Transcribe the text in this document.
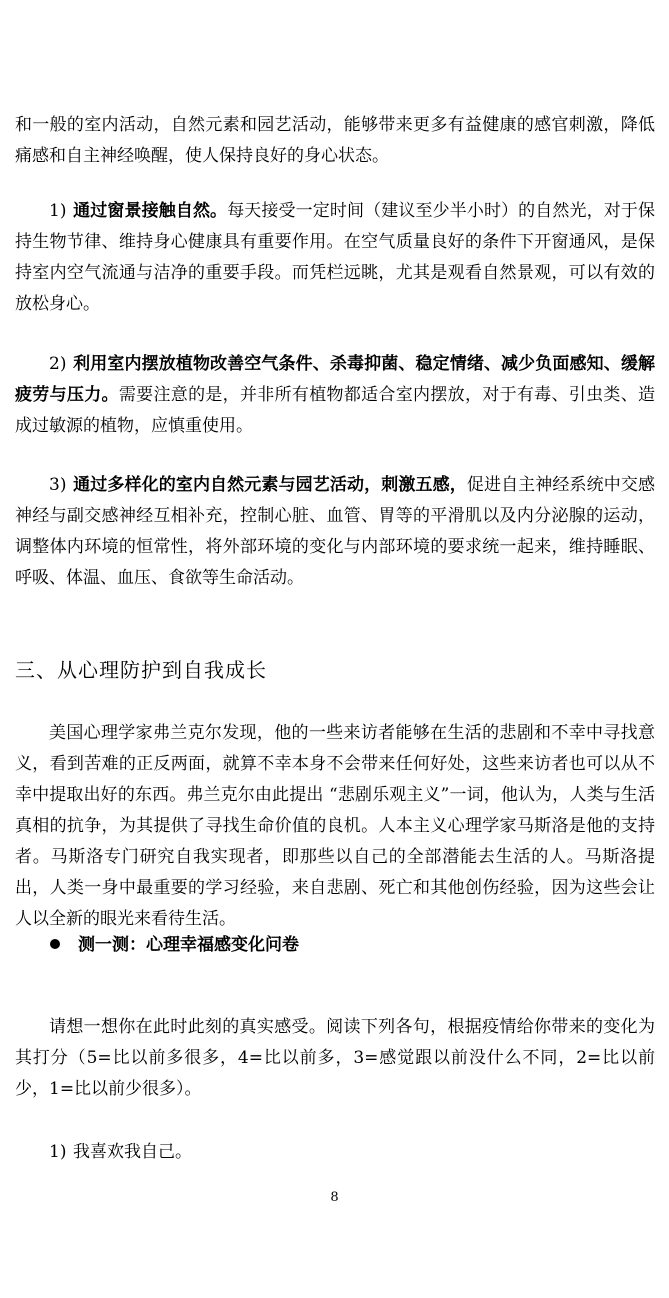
和一般的室内活动，自然元素和园艺活动，能够带来更多有益健康的感官刺激，降低痛感和自主神经唤醒，使人保持良好的身心状态。

1) 通过窗景接触自然。每天接受一定时间（建议至少半小时）的自然光，对于保持生物节律、维持身心健康具有重要作用。在空气质量良好的条件下开窗通风，是保持室内空气流通与洁净的重要手段。而凭栏远眺，尤其是观看自然景观，可以有效的放松身心。

2) 利用室内摆放植物改善空气条件、杀毒抑菌、稳定情绪、减少负面感知、缓解疲劳与压力。需要注意的是，并非所有植物都适合室内摆放，对于有毒、引虫类、造成过敏源的植物，应慎重使用。

3) 通过多样化的室内自然元素与园艺活动，刺激五感，促进自主神经系统中交感神经与副交感神经互相补充，控制心脏、血管、胃等的平滑肌以及内分泌腺的运动，调整体内环境的恒常性，将外部环境的变化与内部环境的要求统一起来，维持睡眠、呼吸、体温、血压、食欲等生命活动。

三、从心理防护到自我成长

美国心理学家弗兰克尔发现，他的一些来访者能够在生活的悲剧和不幸中寻找意义，看到苦难的正反两面，就算不幸本身不会带来任何好处，这些来访者也可以从不幸中提取出好的东西。弗兰克尔由此提出 “悲剧乐观主义”一词，他认为，人类与生活真相的抗争，为其提供了寻找生命价值的良机。人本主义心理学家马斯洛是他的支持者。马斯洛专门研究自我实现者，即那些以自己的全部潜能去生活的人。马斯洛提出，人类一身中最重要的学习经验，来自悲剧、死亡和其他创伤经验，因为这些会让人以全新的眼光来看待生活。

测一测：心理幸福感变化问卷

请想一想你在此时此刻的真实感受。阅读下列各句，根据疫情给你带来的变化为其打分（5=比以前多很多，4=比以前多，3=感觉跟以前没什么不同，2=比以前少，1=比以前少很多）。

1) 我喜欢我自己。

8
